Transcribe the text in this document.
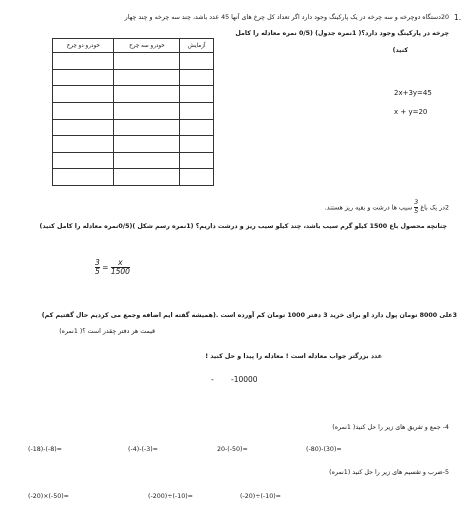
1.
20دستگاه دوچرخه و سه چرخه در یک پارکینگ وجود دارد اگر تعداد کل چرخ های آنها 45 عدد باشد، چند سه چرخه و چند چهار
چرخه در پارکینگ وجود دارد؟( 1نمره جدول) (0/5 نمره معادله را کامل
کنید)
خودرو دو چرخ	خودرو سه چرخ	آزمایش

2x+3y=45
x + y=20
2در یک باغ
$\frac{3}{5}$
سیب ها درشت و بقیه ریز هستند.
چنانچه محصول باغ 1500 کیلو گرم سیب باشد، چند کیلو سیب ریز و درشت داریم؟ (1نمره رسم شکل )(0/5نمره معادله را کامل کنید)
$\frac{3}{5} = \frac{x}{1500}$
3علی 8000 تومان پول دارد او برای خرید 3 دفتر 1000 تومان کم آورده است .(همیشه گفته ایم اضافه وجمع می کردیم حال گفتیم کم)
قیمت هر دفتر چقدر است ؟( 1نمره)
عدد بزرگتر جواب معادله است ! معادله را پیدا و حل کنید !
- -10000
4- جمع و تفریق های زیر را حل کنید( 1نمره)
(-18)-(-8)=	(-4)-(-3)=	20-(-50)=	(-80)-(30)=
5-ضرب و تقسیم های زیر را حل کنید (1نمره)
(-20)×(-50)=	(-200)÷(-10)=	(-20)÷(-10)=
